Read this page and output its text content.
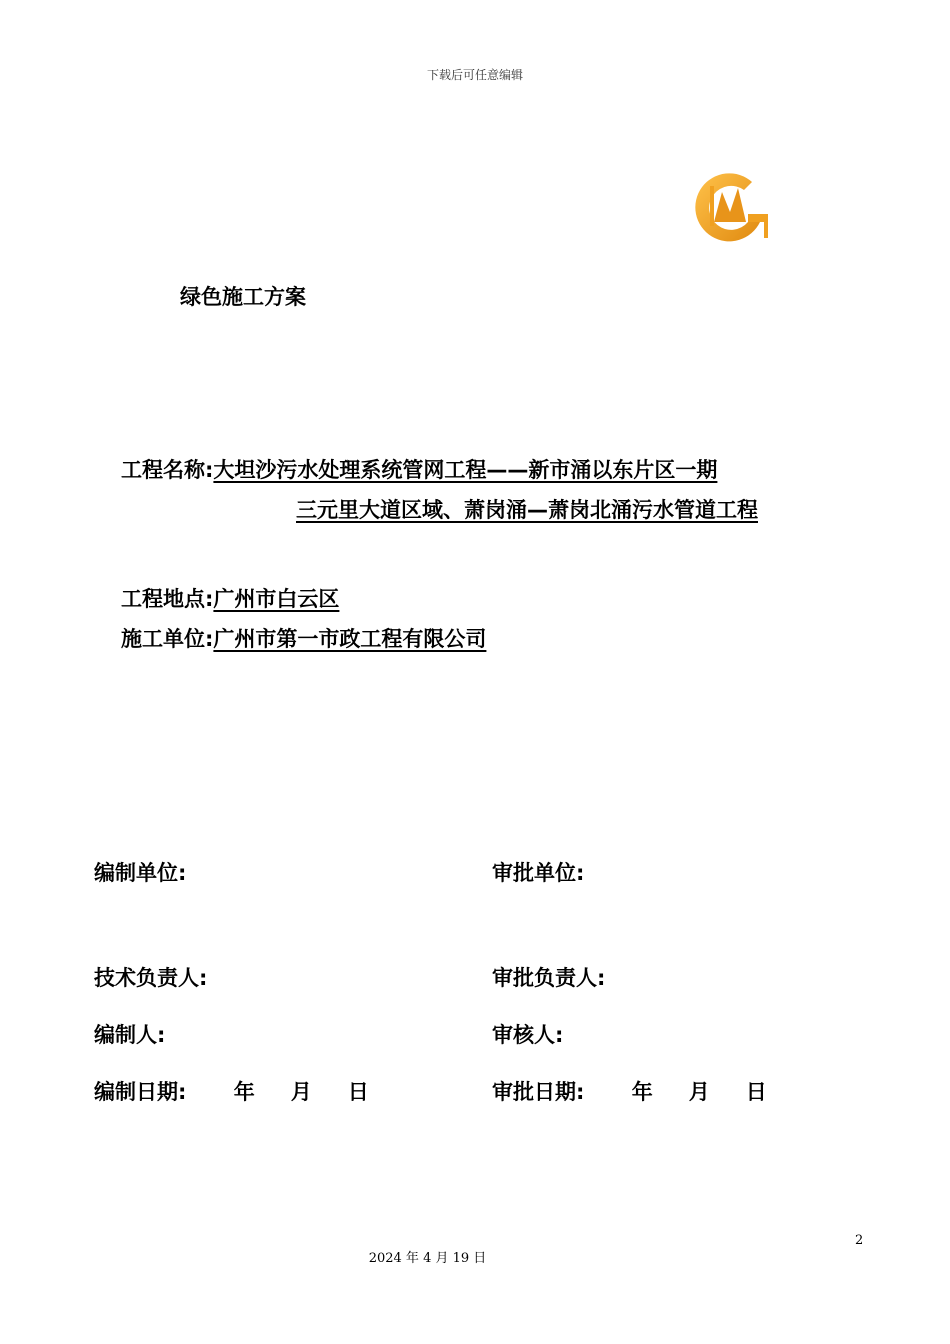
下载后可任意编辑
绿色施工方案
工程名称:大坦沙污水处理系统管网工程——新市涌以东片区一期
三元里大道区域、萧岗涌—萧岗北涌污水管道工程
工程地点:广州市白云区
施工单位:广州市第一市政工程有限公司
编制单位:
技术负责人:
编制人:
编制日期: 年 月 日
审批单位:
审批负责人:
审核人:
审批日期: 年 月 日
2
2024 年 4 月 19 日
